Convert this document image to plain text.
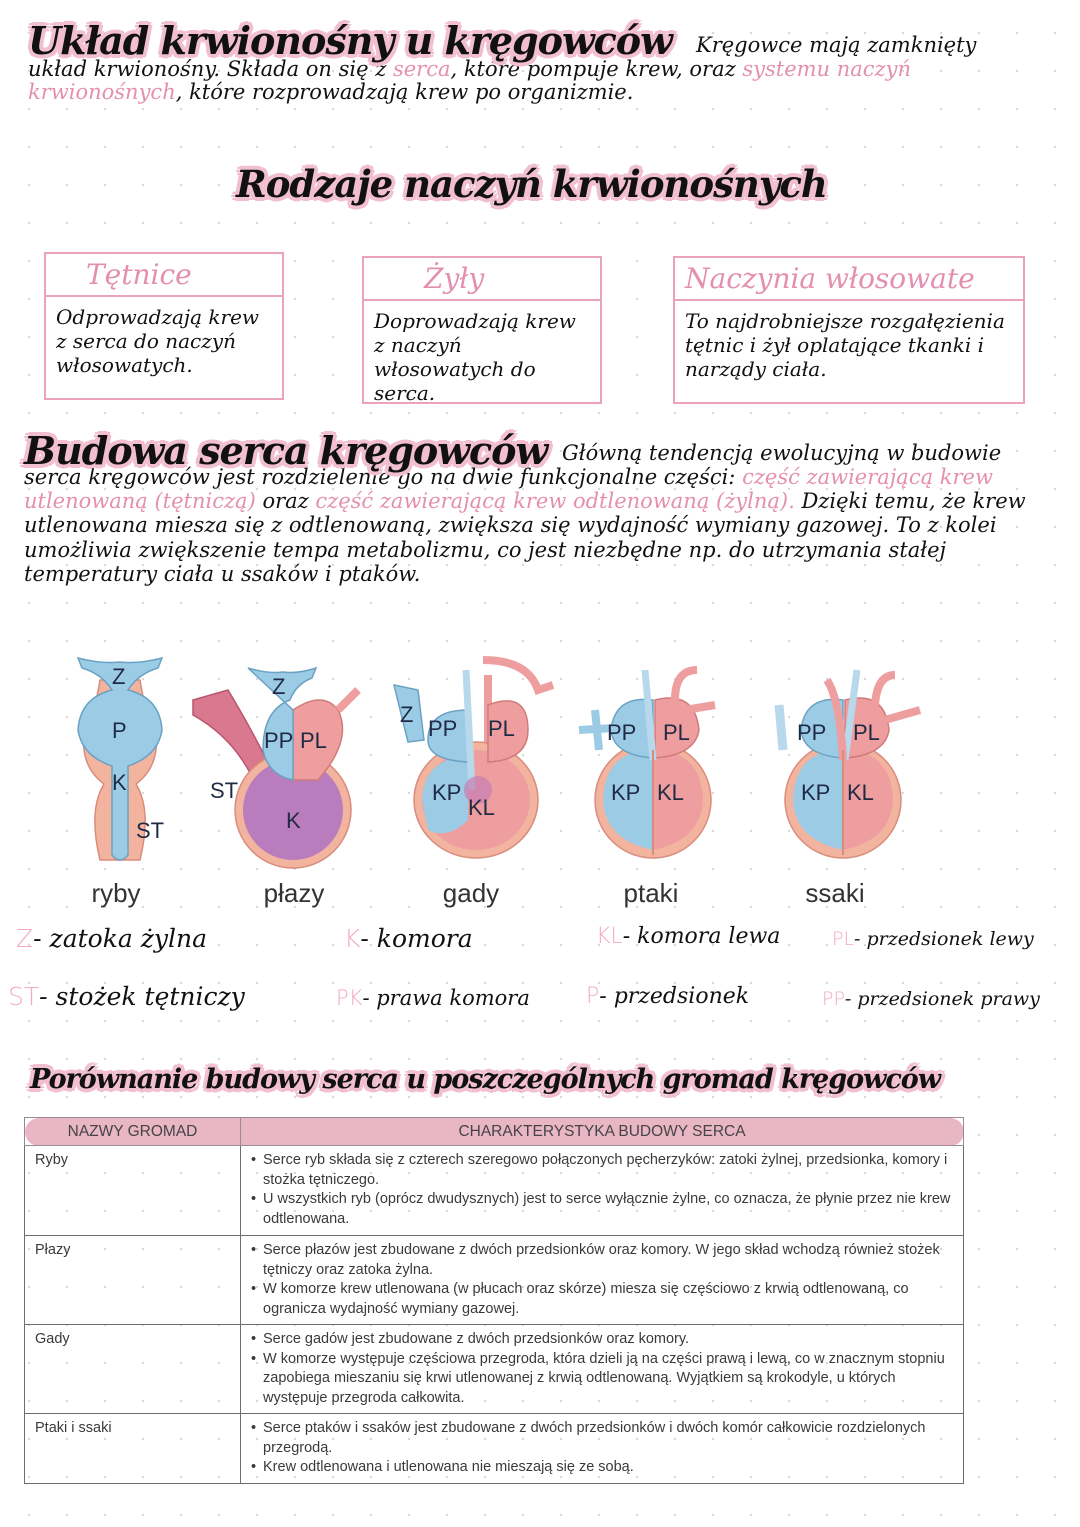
Kręgowce mają zamknięty układ krwionośny. Składa on się z serca, które pompuje krew, oraz systemu naczyń krwionośnych, które rozprowadzają krew po organizmie.
Układ krwionośny u kręgowców
Rodzaje naczyń krwionośnych
Tętnice
Odprowadzają krew z serca do naczyń włosowatych.
Żyły
Doprowadzają krew z naczyń włosowatych do serca.
Naczynia włosowate
To najdrobniejsze rozgałęzienia tętnic i żył oplatające tkanki i narządy ciała.
Główną tendencją ewolucyjną w budowie serca kręgowców jest rozdzielenie go na dwie funkcjonalne części: część zawierającą krew utlenowaną (tętniczą) oraz część zawierającą krew odtlenowaną (żylną). Dzięki temu, że krew utlenowana miesza się z odtlenowaną, zwiększa się wydajność wymiany gazowej. To z kolei umożliwia zwiększenie tempa metabolizmu, co jest niezbędne np. do utrzymania stałej temperatury ciała u ssaków i ptaków.
Budowa serca kręgowców
Z
P
K
ST
ryby
Z
PP PL
ST
K
płazy
Z
PP PL
KP
KL
gady
PP PL
KP KL
ptaki
PP PL
KP KL
ssaki
Z- zatoka żylna	K- komora	KL- komora lewa	PL- przedsionek lewy
ST- stożek tętniczy	PK- prawa komora	P- przedsionek	PP- przedsionek prawy
Porównanie budowy serca u poszczególnych gromad kręgowców
NAZWY GROMAD	CHARAKTERYSTYKA BUDOWY SERCA
Ryby	
•Serce ryb składa się z czterech szeregowo połączonych pęcherzyków: zatoki żylnej, przedsionka, komory i stożka tętniczego.
• U wszystkich ryb (oprócz dwudysznych) jest to serce wyłącznie żylne, co oznacza, że płynie przez nie krew odtlenowana.

Płazy	
•Serce płazów jest zbudowane z dwóch przedsionków oraz komory. W jego skład wchodzą również stożek tętniczy oraz zatoka żylna.
• W komorze krew utlenowana (w płucach oraz skórze) miesza się częściowo z krwią odtlenowaną, co ogranicza wydajność wymiany gazowej.

Gady	
•Serce gadów jest zbudowane z dwóch przedsionków oraz komory.
• W komorze występuje częściowa przegroda, która dzieli ją na części prawą i lewą, co w znacznym stopniu zapobiega mieszaniu się krwi utlenowanej z krwią odtlenowaną. Wyjątkiem są krokodyle, u których występuje przegroda całkowita.

Ptaki i ssaki	
•Serce ptaków i ssaków jest zbudowane z dwóch przedsionków i dwóch komór całkowicie rozdzielonych przegrodą.
• Krew odtlenowana i utlenowana nie mieszają się ze sobą.
